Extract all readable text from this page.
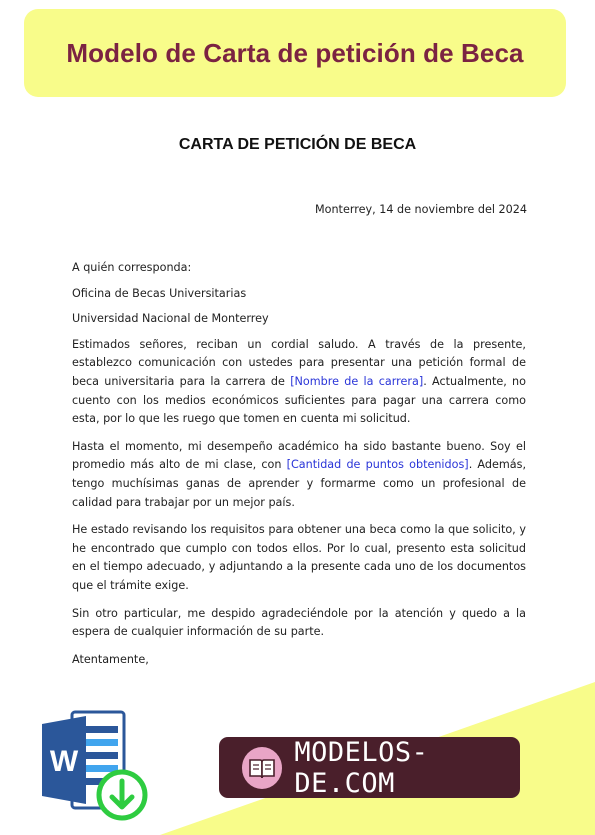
Modelo de Carta de petición de Beca
CARTA DE PETICIÓN DE BECA
Monterrey, 14 de noviembre del 2024

A quién corresponda:

Oficina de Becas Universitarias

Universidad Nacional de Monterrey

Estimados señores, reciban un cordial saludo. A través de la presente, establezco comunicación con ustedes para presentar una petición formal de beca universitaria para la carrera de [Nombre de la carrera]. Actualmente, no cuento con los medios económicos suficientes para pagar una carrera como esta, por lo que les ruego que tomen en cuenta mi solicitud.

Hasta el momento, mi desempeño académico ha sido bastante bueno. Soy el promedio más alto de mi clase, con [Cantidad de puntos obtenidos]. Además, tengo muchísimas ganas de aprender y formarme como un profesional de calidad para trabajar por un mejor país.

He estado revisando los requisitos para obtener una beca como la que solicito, y he encontrado que cumplo con todos ellos. Por lo cual, presento esta solicitud en el tiempo adecuado, y adjuntando a la presente cada uno de los documentos que el trámite exige.

Sin otro particular, me despido agradeciéndole por la atención y quedo a la espera de cualquier información de su parte.

Atentamente,

W	MODELOS-DE.COM
